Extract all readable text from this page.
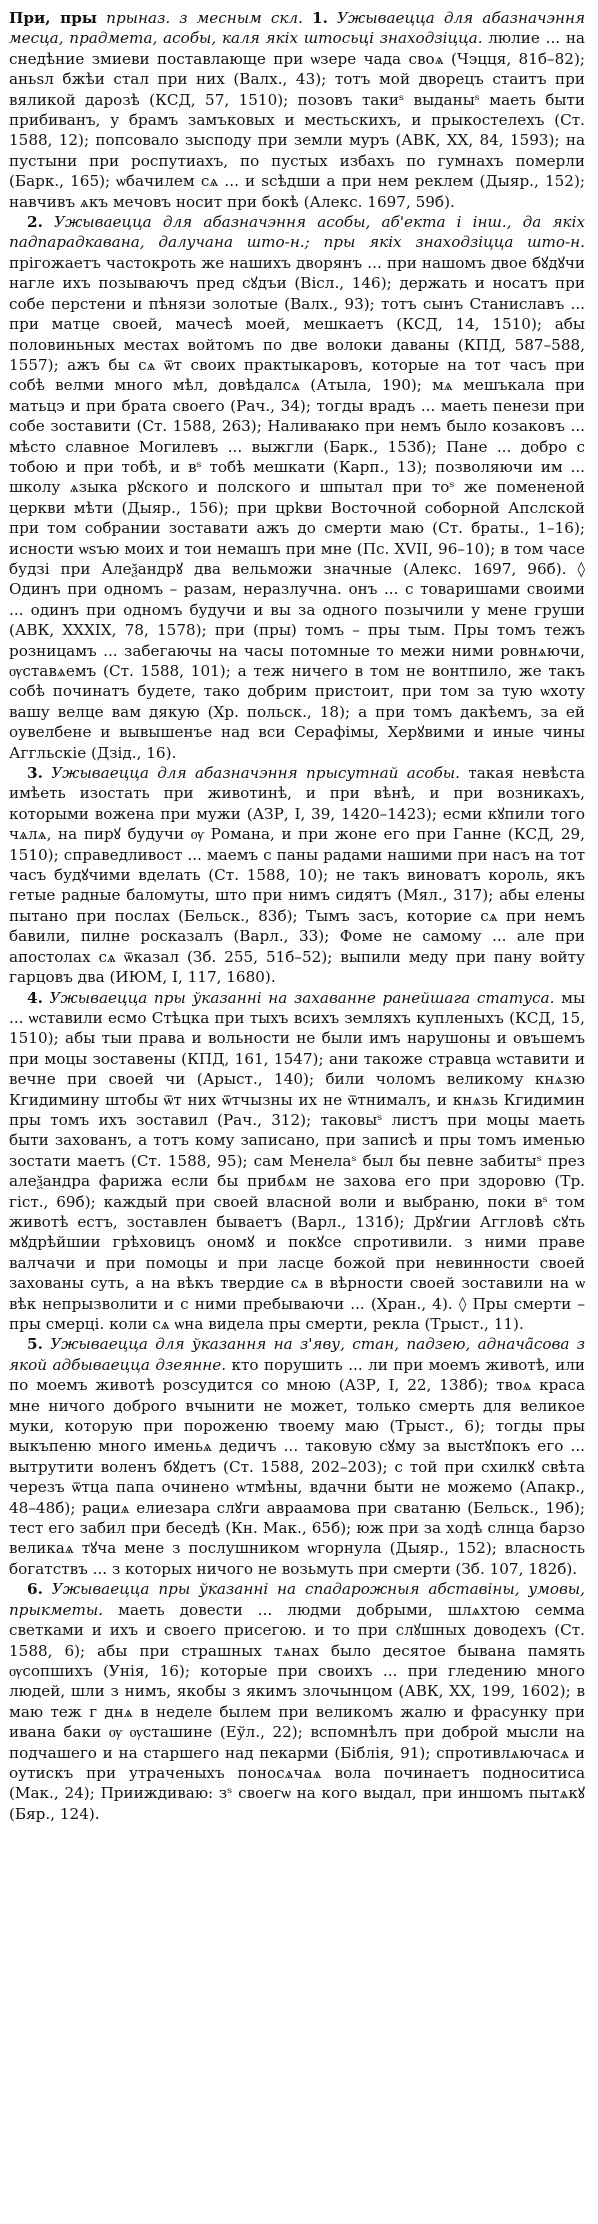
При, пры прыназ. з месным скл. 1. Ужываецца для абазначэння месца, прадмета, асобы, каля якіх штосьці знаходзіцца. люлие ... на снедѣние змиеви поставлающе при ѡзере чада своѧ (Чэцця, 81б–82); аньѕл бжѣи стал при них (Валх., 43); тотъ мой дворецъ стаитъ при вяликой дарозѣ (КСД, 57, 1510); позовъ такиˢ выданыˢ маеть быти прибиванъ, у брамъ замъковых и местьскихъ, и прыкостелехъ (Ст. 1588, 12); попсовало зысподу при земли муръ (АВК, XX, 84, 1593); на пустыни при роспутиахъ, по пустых избахъ по гумнахъ померли (Барк., 165); ѡбачилем сѧ ... и ѕсѣдши а при нем реклем (Дыяр., 152); навчивъ ѧкъ мечовъ носит при бокѣ (Алекс. 1697, 59б).

2. Ужываецца для абазначэння асобы, аб'екта і інш., да якіх падпарадкавана, далучана што-н.; пры якіх знаходзіцца што-н. прігожаетъ частокроть же нашихъ дворянъ ... при нашомъ двое бꙋдꙋчи нагле ихъ позываючъ пред сꙋдъи (Віcл., 146); держать и носатъ при собе перстени и пѣнязи золотые (Валх., 93); тотъ сынъ Станиславъ ... при матце своей, мачесѣ моей, мешкаетъ (КСД, 14, 1510); абы половиньных местах войтомъ по две волоки даваны (КПД, 587–588, 1557); ажъ бы сѧ ѿт своих практыкаровъ, которые на тот часъ при собѣ велми много мѣл, довѣдалсѧ (Атыла, 190); мѧ мешъкала при матьцэ и при брата своего (Рач., 34); тогды врадъ ... маеть пенези при собе зоставити (Ст. 1588, 263); Наливаꙗко при немъ было козаковъ ... мѣсто славное Могилевъ ... выжгли (Барк., 153б); Пане ... добро с тобою и при тобѣ, и вˢ тобѣ мешкати (Карп., 13); позволяючи им ... школу ѧзыка рꙋского и полского и шпытал при тоˢ же помененой церкви мѣти (Дыяр., 156); при црkви Восточной соборной Апслской при том собрании зоставати ажъ до смерти маю (Ст. браты., 1–16); исности ѡѕъю моих и тои немашъ при мне (Пс. XVII, 96–10); в том часе будзі при Алеѯандрꙋ два вельможи значные (Алекс. 1697, 96б). ◊ Одинъ при одномъ – разам, неразлучна. онъ ... с товаришами своими ... одинъ при одномъ будучи и вы за одного позычили у мене груши (АВК, ХХХІХ, 78, 1578); при (пры) томъ – пры тым. Пры томъ тежъ розницамъ ... забегаючы на часы потомные то межи ними ровнѧючи, ѹставѧемъ (Ст. 1588, 101); а теж ничего в том не вонтпило, же такъ собѣ починатъ будете, тако добрим пристоит, при том за тую ѡхоту вашу велце вам дякую (Хр. польск., 18); а при томъ дакѣемъ, за ей оувелбене и вывышенъе над вси Серафімы, Херꙋвими и иные чины Аггльскіе (Дзід., 16).

3. Ужываецца для абазначэння прысутнай асобы. такая невѣста имѣеть изостать при животинѣ, и при вѣнѣ, и при возникахъ, которыми вожена при мужи (АЗР, І, 39, 1420–1423); еcми кꙋпили того чѧлѧ, на пирꙋ будучи ѹ Романа, и при жоне его при Ганне (КСД, 29, 1510); справедливост ... маемъ с паны радами нашими при насъ на тот часъ будꙋчими вделать (Ст. 1588, 10); не такъ виноватъ король, якъ гетые радные баломуты, што при нимъ сидятъ (Мял., 317); абы елены пытано при послах (Бельск., 83б); Тымъ засъ, которие сѧ при немъ бавили, пилне росказалъ (Варл., 33); Фоме не самому ... але при апостолах сѧ ѿказал (Зб. 255, 51б–52); выпили меду при пану войту гарцовъ два (ИЮМ, І, 117, 1680).

4. Ужываецца пры ўказанні на захаванне ранейшага статуса. мы ... ѡставили есмо Стѣцка при тыхъ всихъ земляхъ купленыхъ (КСД, 15, 1510); абы тыи права и вольности не были имъ нарушоны и овъшемъ при моцы зоставены (КПД, 161, 1547); ани такоже стравца ѡставити и вечне при своей чи (Арыст., 140); били чоломъ великому кнѧзю Кгидимину штобы ѿт них ѿтчызны их не ѿтнималъ, и кнѧзь Кгидимин пры томъ ихъ зоставил (Рач., 312); таковыˢ листъ при моцы маеть быти захованъ, а тотъ кому записано, при записѣ и пры томъ именью зостати маетъ (Ст. 1588, 95); сам Менелаˢ был бы певне забитыˢ през алеѯандра фарижа если бы прибѧм не захова его при здоровю (Тр. гіст., 69б); каждый при своей власной воли и выбраню, поки вˢ том животѣ естъ, зоставлен бываетъ (Варл., 131б); Дрꙋгии Аггловѣ сꙋть мꙋдрѣйшии грѣховицъ ономꙋ и покꙋсе спротивили. з ними праве валчачи и при помоцы и при ласце божой при невинности своей захованы суть, а на вѣкъ твердие сѧ в вѣрности своей зоставили на ѡ вѣк непрызволити и с ними пребываючи ... (Хран., 4). ◊ Пры смерти – пры смерці. коли сѧ ѡна видела пры смерти, рекла (Трыст., 11).

5. Ужываецца для ўказання на з'яву, стан, падзею, аднача̃сова з якой адбываецца дзеянне. кто порушить ... ли при моемъ животѣ, или по моемъ животѣ розсудится со мною (АЗР, І, 22, 138б); твоѧ краса мне ничого доброго вчынити не может, только смерть для великое муки, которую при пороженю твоему маю (Трыст., 6); тогды пры выкъпеню много именьѧ дедичъ ... таковую сꙋму за выстꙋпокъ его ... вытрутити воленъ бꙋдетъ (Ст. 1588, 202–203); с той при схилкꙋ свѣта черезъ ѿтца папа очинено ѡтмѣны, вдачни быти не можемо (Апакр., 48–48б); рациѧ елиезара слꙋги авраамова при сватаню (Бельск., 19б); тест его забил при беседѣ (Кн. Мак., 65б); юж при за ходѣ слнца барзо великаѧ тꙋча мене з послушником ѡгорнула (Дыяр., 152); власность богатствъ ... з которых ничого не возьмуть при смерти (Зб. 107, 182б).

6. Ужываецца пры ўказанні на спадарожныя абставіны, умовы, прыкметы. маеть довести ... людми добрыми, шлѧхтою семма светками и ихъ и своего присегою. и то при слꙋшных доводехъ (Ст. 1588, 6); абы при страшных тѧнах было десятое бывана память ѹсопшихъ (Унія, 16); которые при своихъ ... при гледению много людей, шли з нимъ, якобы з якимъ злочынцом (АВК, ХХ, 199, 1602); в маю теж г днѧ в неделе былем при великомъ жалю и фрасунку при ивана баки ѹ ѹсташине (Еўл., 22); вспомнѣлъ при доброй мысли на подчашего и на старшего над пекарми (Біблія, 91); спротивлѧючасѧ и оутискъ при утраченыхъ поносѧчаѧ вола починаетъ подноситиса (Мак., 24); Прииждиваю: зˢ своегѡ на кого выдал, при иншомъ пытѧкꙋ (Бяр., 124).
